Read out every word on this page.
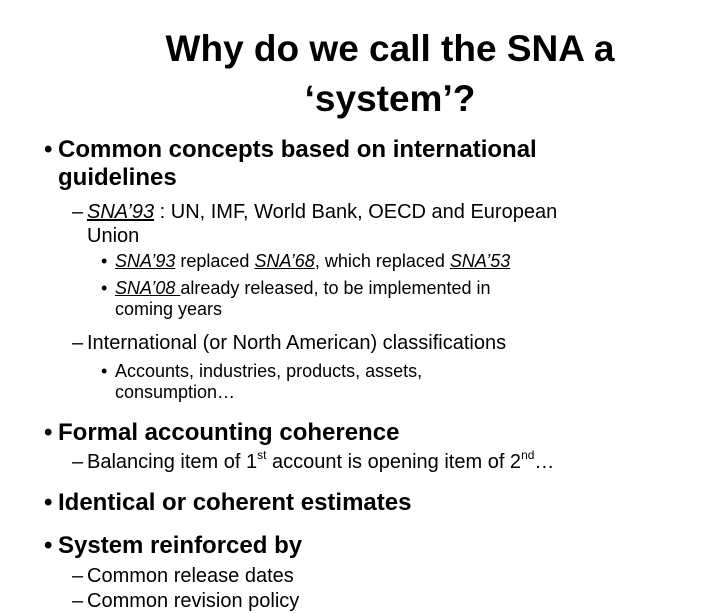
Why do we call the SNA a
‘system’?
• Common concepts based on international
guidelines
– SNA’93 : UN, IMF, World Bank, OECD and European
Union
• SNA’93 replaced SNA’68, which replaced SNA’53
• SNA’08 already released, to be implemented in
coming years
– International (or North American) classifications
• Accounts, industries, products, assets,
consumption…
• Formal accounting coherence
– Balancing item of 1st account is opening item of 2nd…
• Identical or coherent estimates
• System reinforced by
– Common release dates
– Common revision policy
